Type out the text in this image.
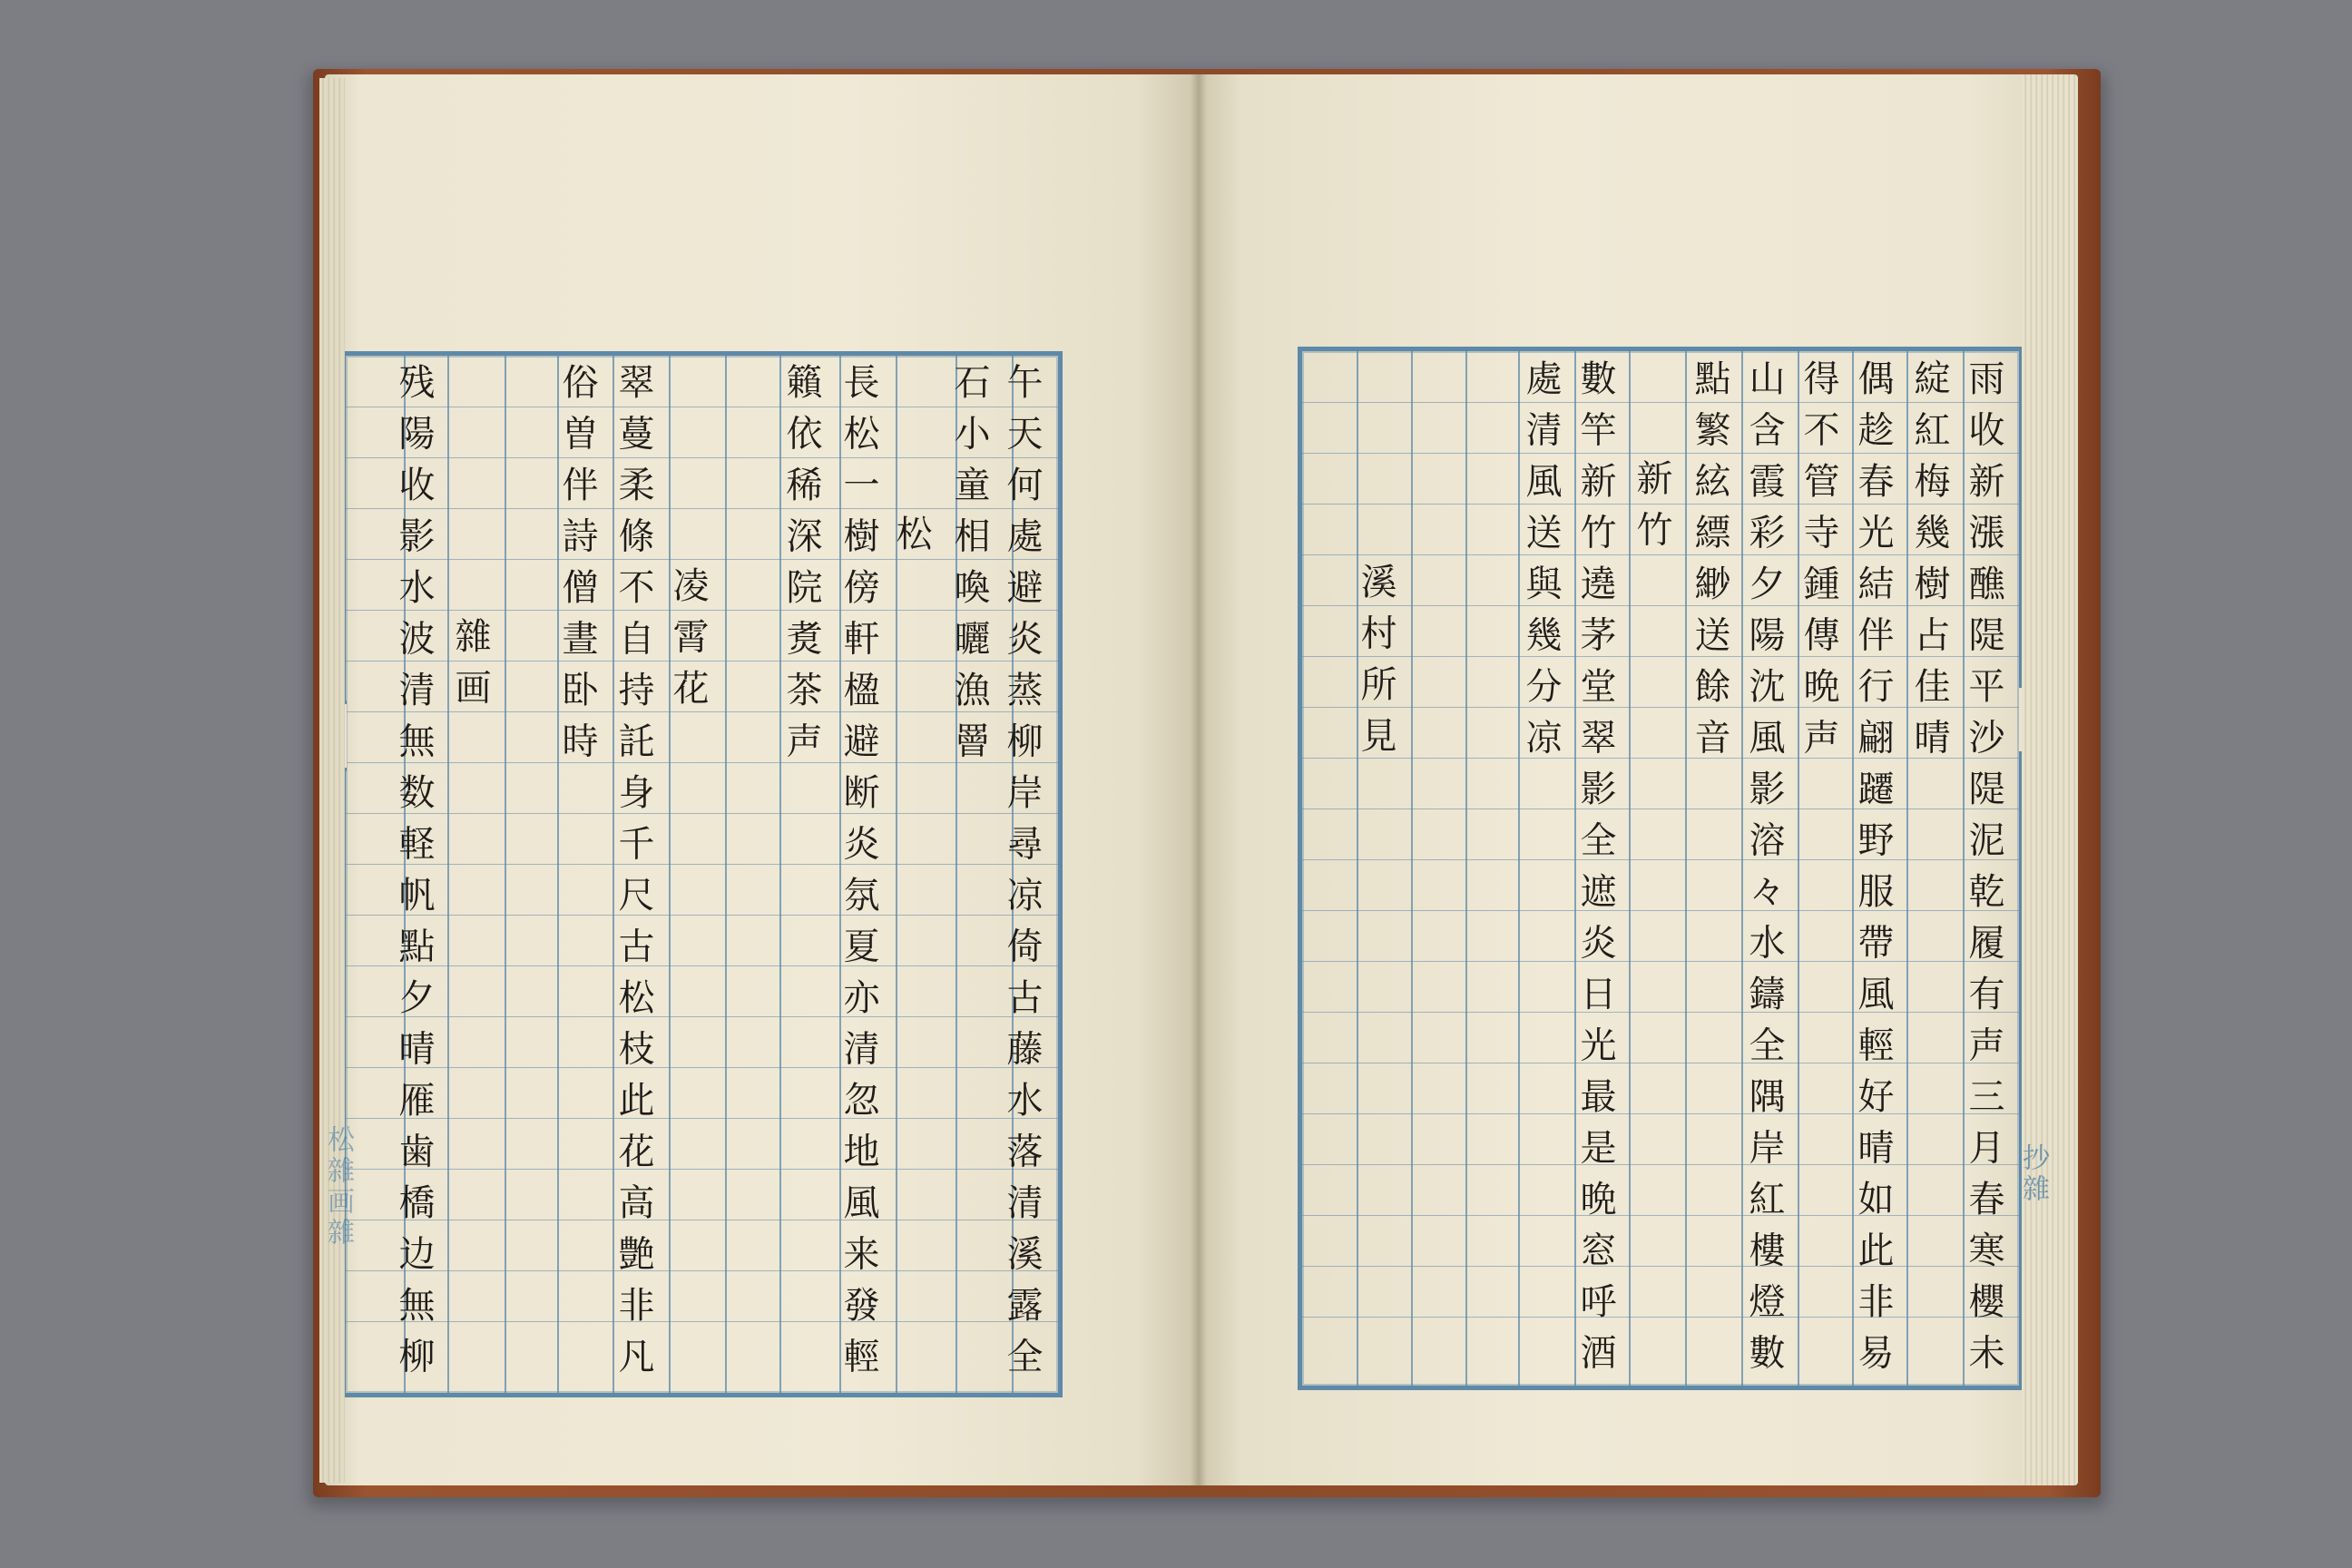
午天何處避炎蒸柳岸尋凉倚古藤水落清溪露全
石小童相喚曬漁罾
松
長松一樹傍軒楹避断炎氛夏亦清忽地風来發輕
籟依稀深院煑茶声
凌霄花
翠蔓柔條不自持託身千尺古松枝此花高艶非凡
俗曽伴詩僧晝卧時
雜画
残陽收影水波清無数軽帆點夕晴雁歯橋边無柳	雨收新漲醮隄平沙隄泥乾履有声三月春寒櫻未
綻紅梅幾樹占佳晴
偶趁春光結伴行翩躚野服帶風輕好晴如此非易
得不管寺鍾傳晩声
山含霞彩夕陽沈風影溶々水鑄全隅岸紅樓燈數
點繁絃縹緲送餘音
新竹
數竿新竹遶茅堂翠影全遮炎日光最是晩窓呼酒
處清風送與幾分凉
溪村所見
松雜画雜	抄雜
